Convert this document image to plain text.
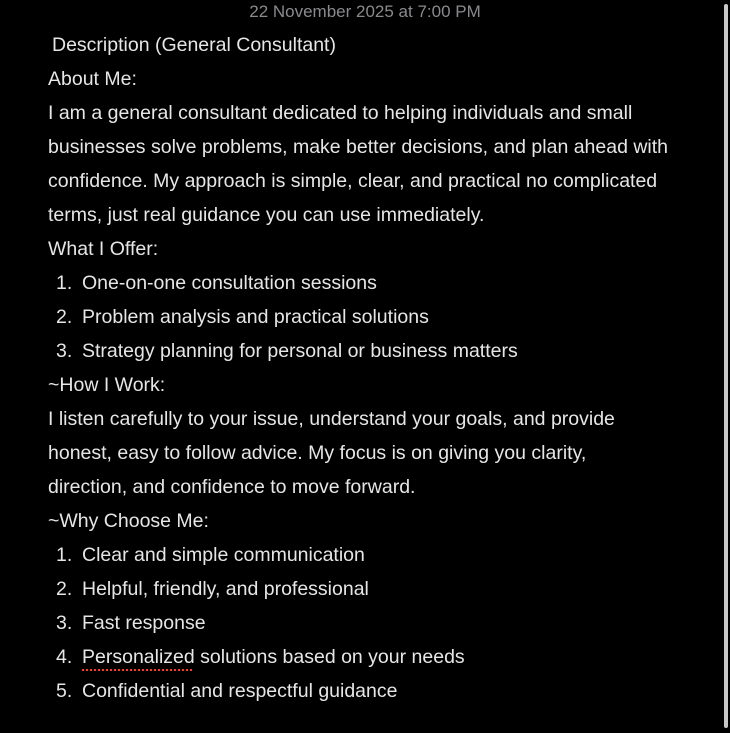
22 November 2025 at 7:00 PM
Description (General Consultant)
About Me:
I am a general consultant dedicated to helping individuals and small
businesses solve problems, make better decisions, and plan ahead with
confidence. My approach is simple, clear, and practical no complicated
terms, just real guidance you can use immediately.
What I Offer:
1. One-on-one consultation sessions
2. Problem analysis and practical solutions
3. Strategy planning for personal or business matters
~How I Work:
I listen carefully to your issue, understand your goals, and provide
honest, easy to follow advice. My focus is on giving you clarity,
direction, and confidence to move forward.
~Why Choose Me:
1. Clear and simple communication
2. Helpful, friendly, and professional
3. Fast response
4. Personalized solutions based on your needs
5. Confidential and respectful guidance
